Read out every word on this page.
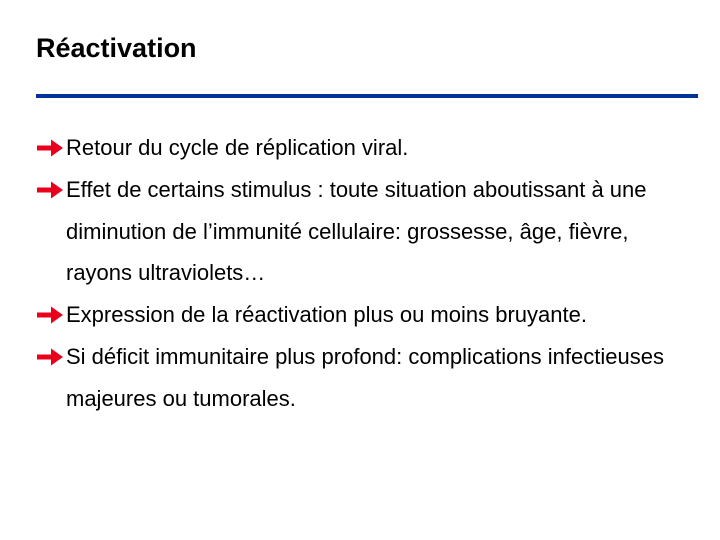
Réactivation
Retour du cycle de réplication viral.
Effet de certains stimulus : toute situation aboutissant à une diminution de l’immunité cellulaire: grossesse, âge, fièvre, rayons ultraviolets…
Expression de la réactivation plus ou moins bruyante.
Si déficit immunitaire plus profond: complications infectieuses majeures ou tumorales.
